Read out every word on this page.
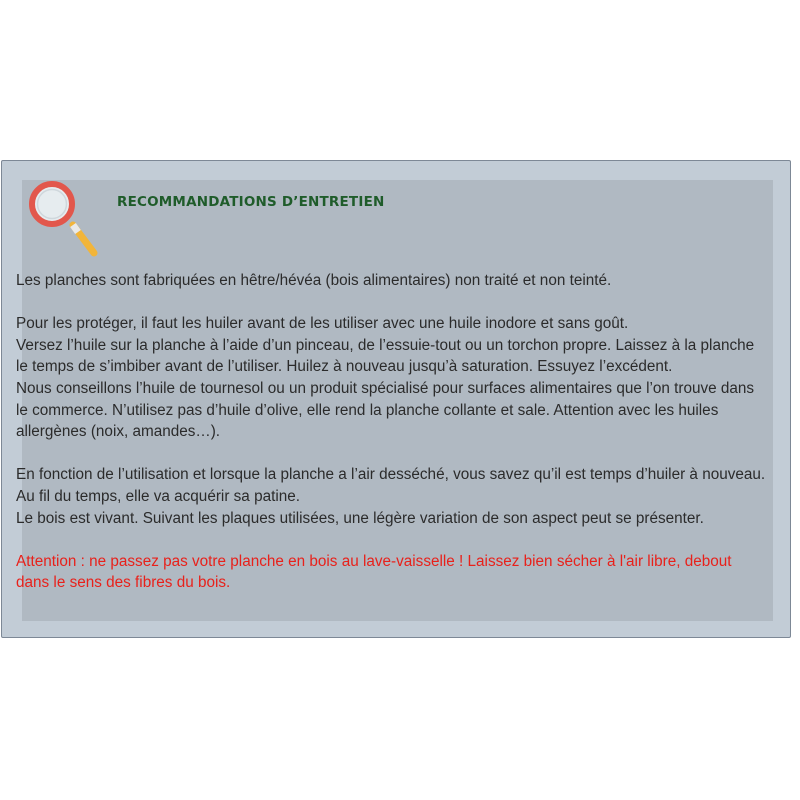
RECOMMANDATIONS D’ENTRETIEN

Les planches sont fabriquées en hêtre/hévéa (bois alimentaires) non traité et non teinté.

Pour les protéger, il faut les huiler avant de les utiliser avec une huile inodore et sans goût.

Versez l’huile sur la planche à l’aide d’un pinceau, de l’essuie-tout ou un torchon propre. Laissez à la planche

le temps de s’imbiber avant de l’utiliser. Huilez à nouveau jusqu’à saturation. Essuyez l’excédent.

Nous conseillons l’huile de tournesol ou un produit spécialisé pour surfaces alimentaires que l’on trouve dans

le commerce. N’utilisez pas d’huile d’olive, elle rend la planche collante et sale. Attention avec les huiles

allergènes (noix, amandes…).

En fonction de l’utilisation et lorsque la planche a l’air desséché, vous savez qu’il est temps d’huiler à nouveau.

Au fil du temps, elle va acquérir sa patine.

Le bois est vivant. Suivant les plaques utilisées, une légère variation de son aspect peut se présenter.

Attention : ne passez pas votre planche en bois au lave-vaisselle ! Laissez bien sécher à l'air libre, debout

dans le sens des fibres du bois.
